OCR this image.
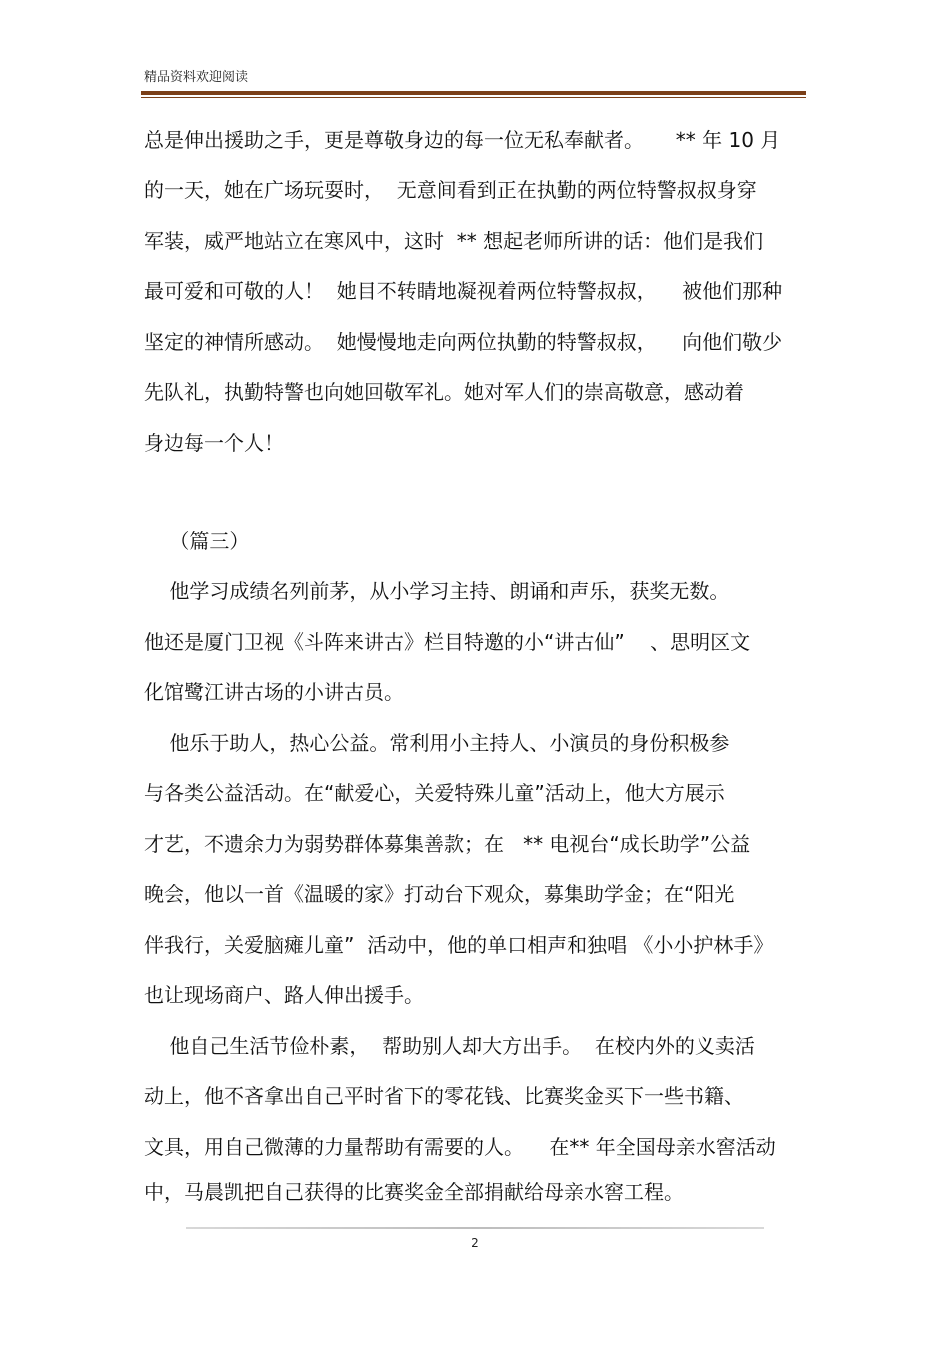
精品资料欢迎阅读
总是伸出援助之手，更是尊敬身边的每一位无私奉献者。     ** 年 10 月
的一天，她在广场玩耍时，  无意间看到正在执勤的两位特警叔叔身穿
军装，威严地站立在寒风中，这时  ** 想起老师所讲的话：他们是我们
最可爱和可敬的人！  她目不转睛地凝视着两位特警叔叔，    被他们那种
坚定的神情所感动。  她慢慢地走向两位执勤的特警叔叔，    向他们敬少
先队礼，执勤特警也向她回敬军礼。她对军人们的崇高敬意，感动着
身边每一个人！
（篇三）
他学习成绩名列前茅，从小学习主持、朗诵和声乐，获奖无数。
他还是厦门卫视《斗阵来讲古》栏目特邀的小“讲古仙”    、思明区文
化馆鹭江讲古场的小讲古员。
他乐于助人，热心公益。常利用小主持人、小演员的身份积极参
与各类公益活动。在“献爱心，关爱特殊儿童”活动上，他大方展示
才艺，不遗余力为弱势群体募集善款；在   ** 电视台“成长助学”公益
晚会，他以一首《温暖的家》打动台下观众，募集助学金；在“阳光
伴我行，关爱脑瘫儿童”  活动中，他的单口相声和独唱 《小小护林手》
也让现场商户、路人伸出援手。
他自己生活节俭朴素，  帮助别人却大方出手。  在校内外的义卖活
动上，他不吝拿出自己平时省下的零花钱、比赛奖金买下一些书籍、
文具，用自己微薄的力量帮助有需要的人。    在** 年全国母亲水窖活动
中，马晨凯把自己获得的比赛奖金全部捐献给母亲水窖工程。
2
